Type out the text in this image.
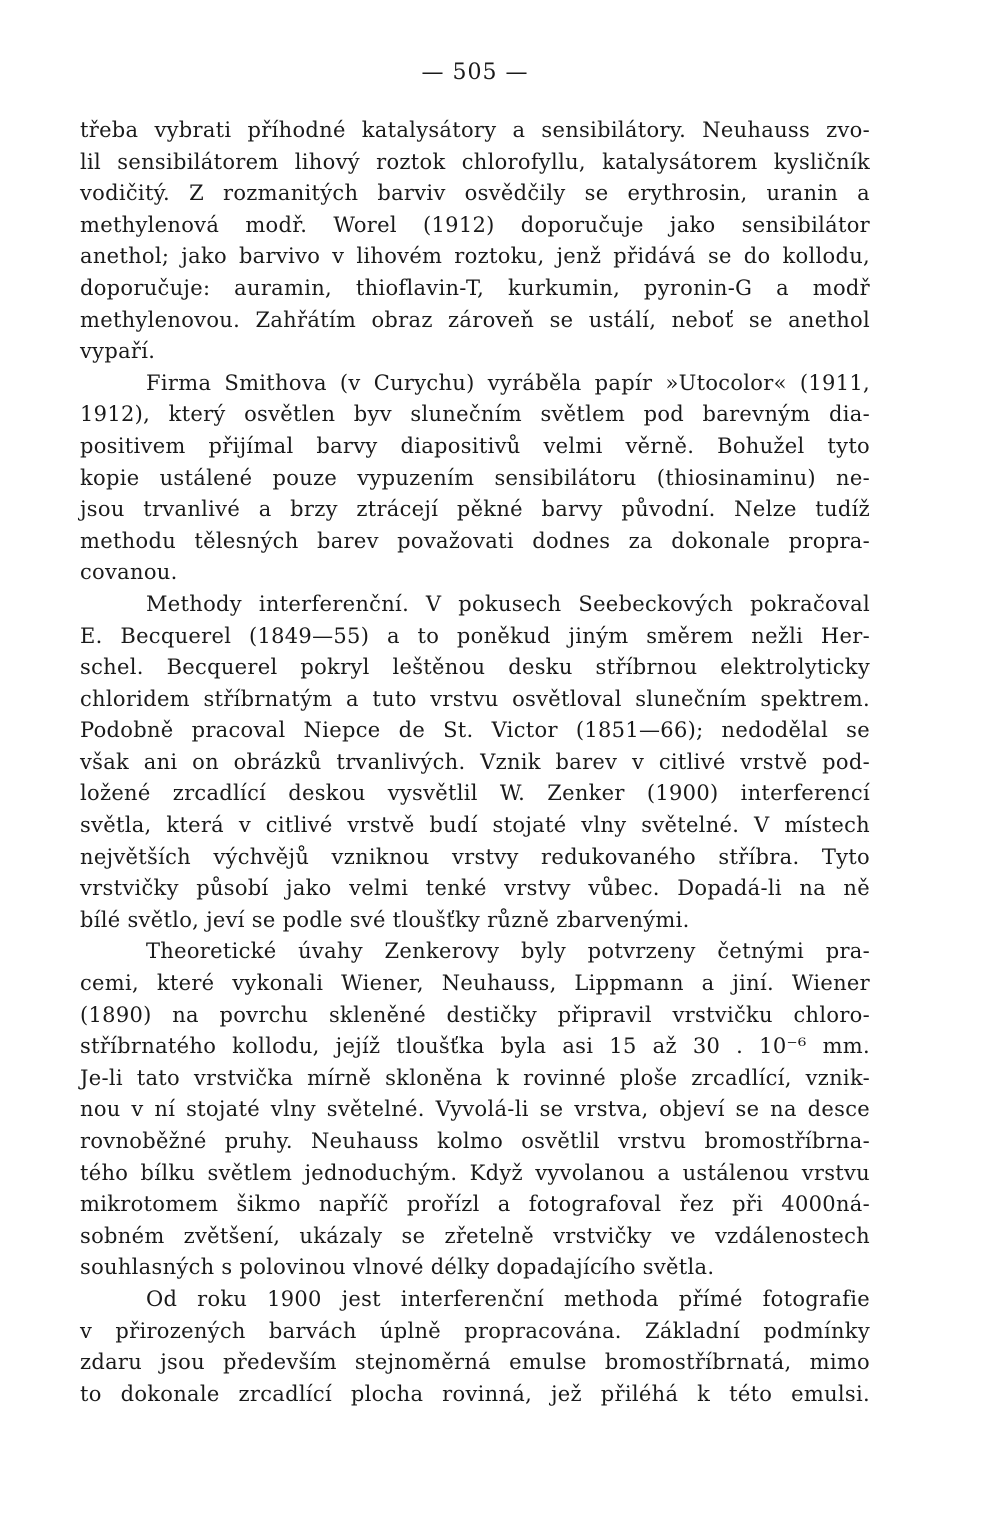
— 505 —
třeba vybrati příhodné katalysátory a sensibilátory. Neuhauss zvo-
lil sensibilátorem lihový roztok chlorofyllu, katalysátorem kysličník
vodičitý. Z rozmanitých barviv osvědčily se erythrosin, uranin a
methylenová modř. Worel (1912) doporučuje jako sensibilátor
anethol; jako barvivo v lihovém roztoku, jenž přidává se do kollodu,
doporučuje: auramin, thioflavin-T, kurkumin, pyronin-G a modř
methylenovou. Zahřátím obraz zároveň se ustálí, neboť se anethol
vypaří.
Firma Smithova (v Curychu) vyráběla papír »Utocolor« (1911,
1912), který osvětlen byv slunečním světlem pod barevným dia-
positivem přijímal barvy diapositivů velmi věrně. Bohužel tyto
kopie ustálené pouze vypuzením sensibilátoru (thiosinaminu) ne-
jsou trvanlivé a brzy ztrácejí pěkné barvy původní. Nelze tudíž
methodu tělesných barev považovati dodnes za dokonale propra-
covanou.
Methody interferenční. V pokusech Seebeckových pokračoval
E. Becquerel (1849—55) a to poněkud jiným směrem nežli Her-
schel. Becquerel pokryl leštěnou desku stříbrnou elektrolyticky
chloridem stříbrnatým a tuto vrstvu osvětloval slunečním spektrem.
Podobně pracoval Niepce de St. Victor (1851—66); nedodělal se
však ani on obrázků trvanlivých. Vznik barev v citlivé vrstvě pod-
ložené zrcadlící deskou vysvětlil W. Zenker (1900) interferencí
světla, která v citlivé vrstvě budí stojaté vlny světelné. V místech
největších výchvějů vzniknou vrstvy redukovaného stříbra. Tyto
vrstvičky působí jako velmi tenké vrstvy vůbec. Dopadá-li na ně
bílé světlo, jeví se podle své tloušťky různě zbarvenými.
Theoretické úvahy Zenkerovy byly potvrzeny četnými pra-
cemi, které vykonali Wiener, Neuhauss, Lippmann a jiní. Wiener
(1890) na povrchu skleněné destičky připravil vrstvičku chloro-
stříbrnatého kollodu, jejíž tloušťka byla asi 15 až 30 . 10⁻⁶ mm.
Je-li tato vrstvička mírně skloněna k rovinné ploše zrcadlící, vznik-
nou v ní stojaté vlny světelné. Vyvolá-li se vrstva, objeví se na desce
rovnoběžné pruhy. Neuhauss kolmo osvětlil vrstvu bromostříbrna-
tého bílku světlem jednoduchým. Když vyvolanou a ustálenou vrstvu
mikrotomem šikmo napříč prořízl a fotografoval řez při 4000ná-
sobném zvětšení, ukázaly se zřetelně vrstvičky ve vzdálenostech
souhlasných s polovinou vlnové délky dopadajícího světla.
Od roku 1900 jest interferenční methoda přímé fotografie
v přirozených barvách úplně propracována. Základní podmínky
zdaru jsou především stejnoměrná emulse bromostříbrnatá, mimo
to dokonale zrcadlící plocha rovinná, jež přiléhá k této emulsi.
